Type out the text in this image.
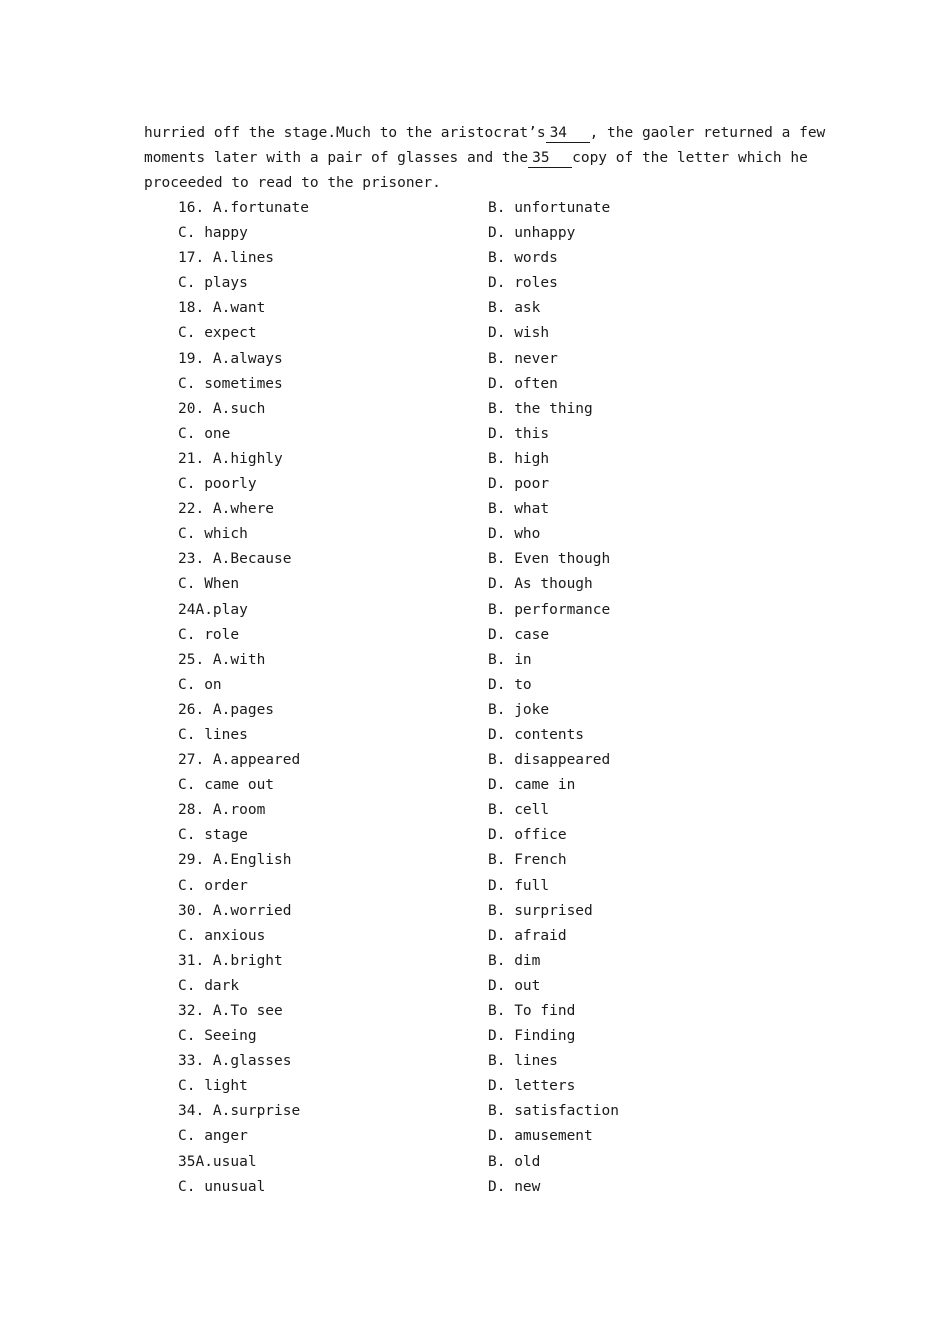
hurried off the stage.Much to the aristocrat’s 34 , the gaoler returned a few
moments later with a pair of glasses and the 35 copy of the letter which he
proceeded to read to the prisoner.
16. A.fortunate	B. unfortunate
C. happy	D. unhappy
17. A.lines	B. words
C. plays	D. roles
18. A.want	B. ask
C. expect	D. wish
19. A.always	B. never
C. sometimes	D. often
20. A.such	B. the thing
C. one	D. this
21. A.highly	B. high
C. poorly	D. poor
22. A.where	B. what
C. which	D. who
23. A.Because	B. Even though
C. When	D. As though
24A.play	B. performance
C. role	D. case
25. A.with	B. in
C. on	D. to
26. A.pages	B. joke
C. lines	D. contents
27. A.appeared	B. disappeared
C. came out	D. came in
28. A.room	B. cell
C. stage	D. office
29. A.English	B. French
C. order	D. full
30. A.worried	B. surprised
C. anxious	D. afraid
31. A.bright	B. dim
C. dark	D. out
32. A.To see	B. To find
C. Seeing	D. Finding
33. A.glasses	B. lines
C. light	D. letters
34. A.surprise	B. satisfaction
C. anger	D. amusement
35A.usual	B. old
C. unusual	D. new
